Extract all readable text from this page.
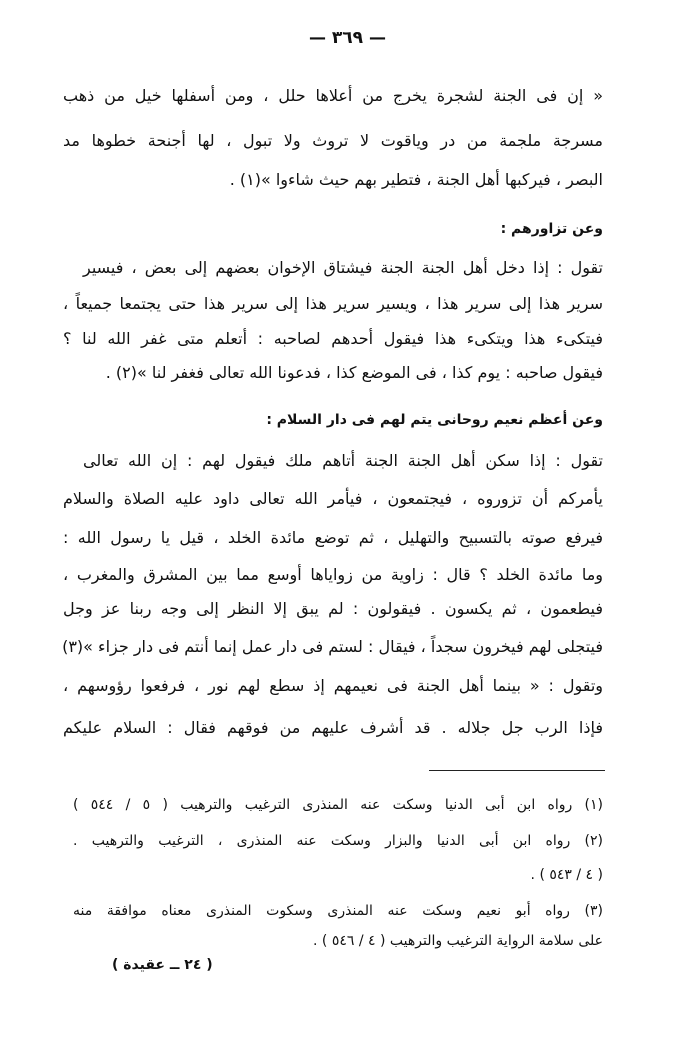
— ٣٦٩ —
« إن فى الجنة لشجرة يخرج من أعلاها حلل ، ومن أسفلها خيل من ذهب
مسرجة ملجمة من در وياقوت لا تروث ولا تبول ، لها أجنحة خطوها مد
البصر ، فيركبها أهل الجنة ، فتطير بهم حيث شاءوا »(١) .
وعن تزاورهم :
تقول : إذا دخل أهل الجنة الجنة فيشتاق الإخوان بعضهم إلى بعض ، فيسير
سرير هذا إلى سرير هذا ، ويسير سرير هذا إلى سرير هذا حتى يجتمعا جميعاً ،
فيتكىء هذا ويتكىء هذا فيقول أحدهم لصاحبه : أتعلم متى غفر الله لنا ؟
فيقول صاحبه : يوم كذا ، فى الموضع كذا ، فدعونا الله تعالى فغفر لنا »(٢) .
وعن أعظم نعيم روحانى يتم لهم فى دار السلام :
تقول : إذا سكن أهل الجنة الجنة أتاهم ملك فيقول لهم : إن الله تعالى
يأمركم أن تزوروه ، فيجتمعون ، فيأمر الله تعالى داود عليه الصلاة والسلام
فيرفع صوته بالتسبيح والتهليل ، ثم توضع مائدة الخلد ، قيل يا رسول الله :
وما مائدة الخلد ؟ قال : زاوية من زواياها أوسع مما بين المشرق والمغرب ،
فيطعمون ، ثم يكسون . فيقولون : لم يبق إلا النظر إلى وجه ربنا عز وجل
فيتجلى لهم فيخرون سجداً ، فيقال : لستم فى دار عمل إنما أنتم فى دار جزاء »(٣)
وتقول : « بينما أهل الجنة فى نعيمهم إذ سطع لهم نور ، فرفعوا رؤوسهم ،
فإذا الرب جل جلاله . قد أشرف عليهم من فوقهم فقال : السلام عليكم
(١) رواه ابن أبى الدنيا وسكت عنه المنذرى الترغيب والترهيب ( ٥ / ٥٤٤ )
(٢) رواه ابن أبى الدنيا والبزار وسكت عنه المنذرى ، الترغيب والترهيب .
( ٤ / ٥٤٣ ) .
(٣) رواه أبو نعيم وسكت عنه المنذرى وسكوت المنذرى معناه موافقة منه
على سلامة الرواية الترغيب والترهيب ( ٤ / ٥٤٦ ) .
( ٢٤ ــ عقيدة )
